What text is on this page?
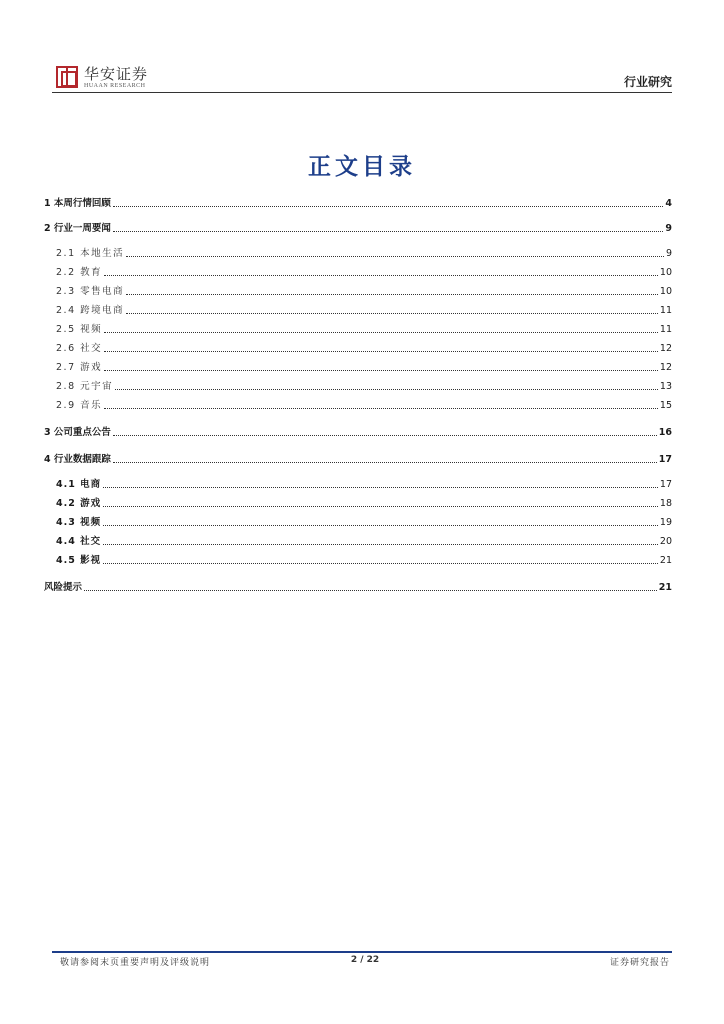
华安证券
HUAAN RESEARCH	行业研究
正文目录
1 本周行情回顾	4
2 行业一周要闻	9
2.1 本地生活	9
2.2 教育	10
2.3 零售电商	10
2.4 跨境电商	11
2.5 视频	11
2.6 社交	12
2.7 游戏	12
2.8 元宇宙	13
2.9 音乐	15
3 公司重点公告	16
4 行业数据跟踪	17
4.1 电商	17
4.2 游戏	18
4.3 视频	19
4.4 社交	20
4.5 影视	21
风险提示	21
敬请参阅末页重要声明及评级说明	2 / 22	证券研究报告
